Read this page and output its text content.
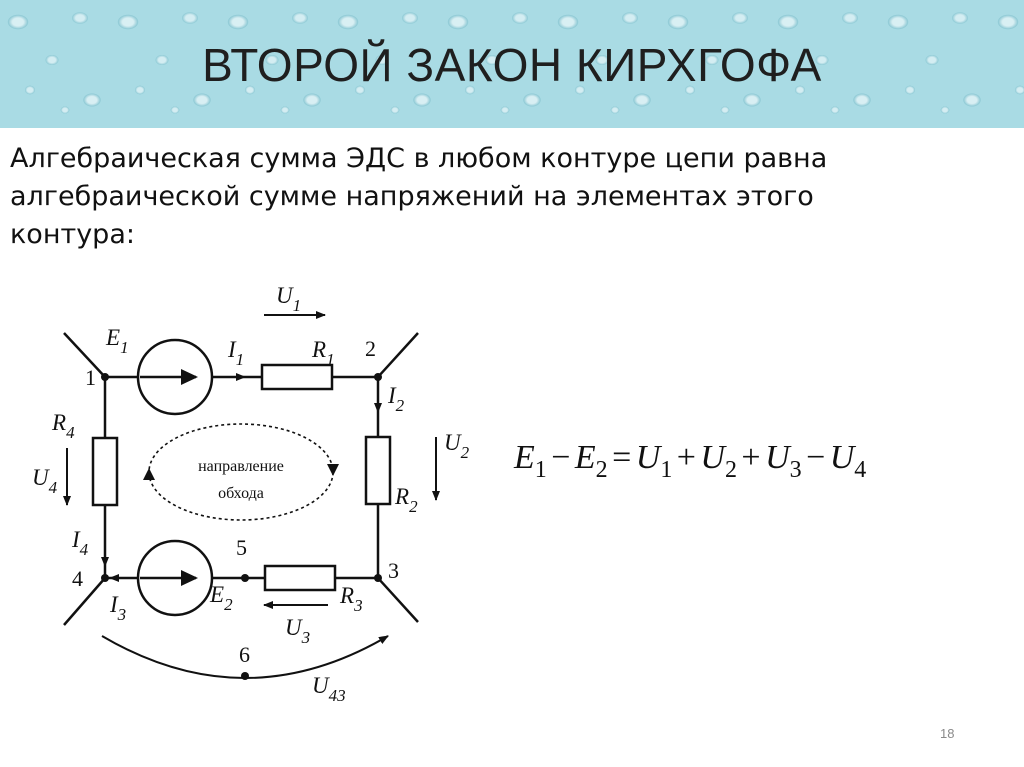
ВТОРОЙ ЗАКОН КИРХГОФА
Алгебраическая сумма ЭДС в любом контуре цепи равна
алгебраической сумме напряжений на элементах этого
контура:
направление
обхода
$E_1$	$I_1$	$R_1$
$U_1$
$I_2$
$U_2$
$R_2$
$R_4$
$U_4$
$I_4$
$I_3$
$E_2$	$R_3$
$U_3$
$U_{43}$
1
2
3
4
5
6
E1 − E2 = U1 + U2 + U3 − U4
18
